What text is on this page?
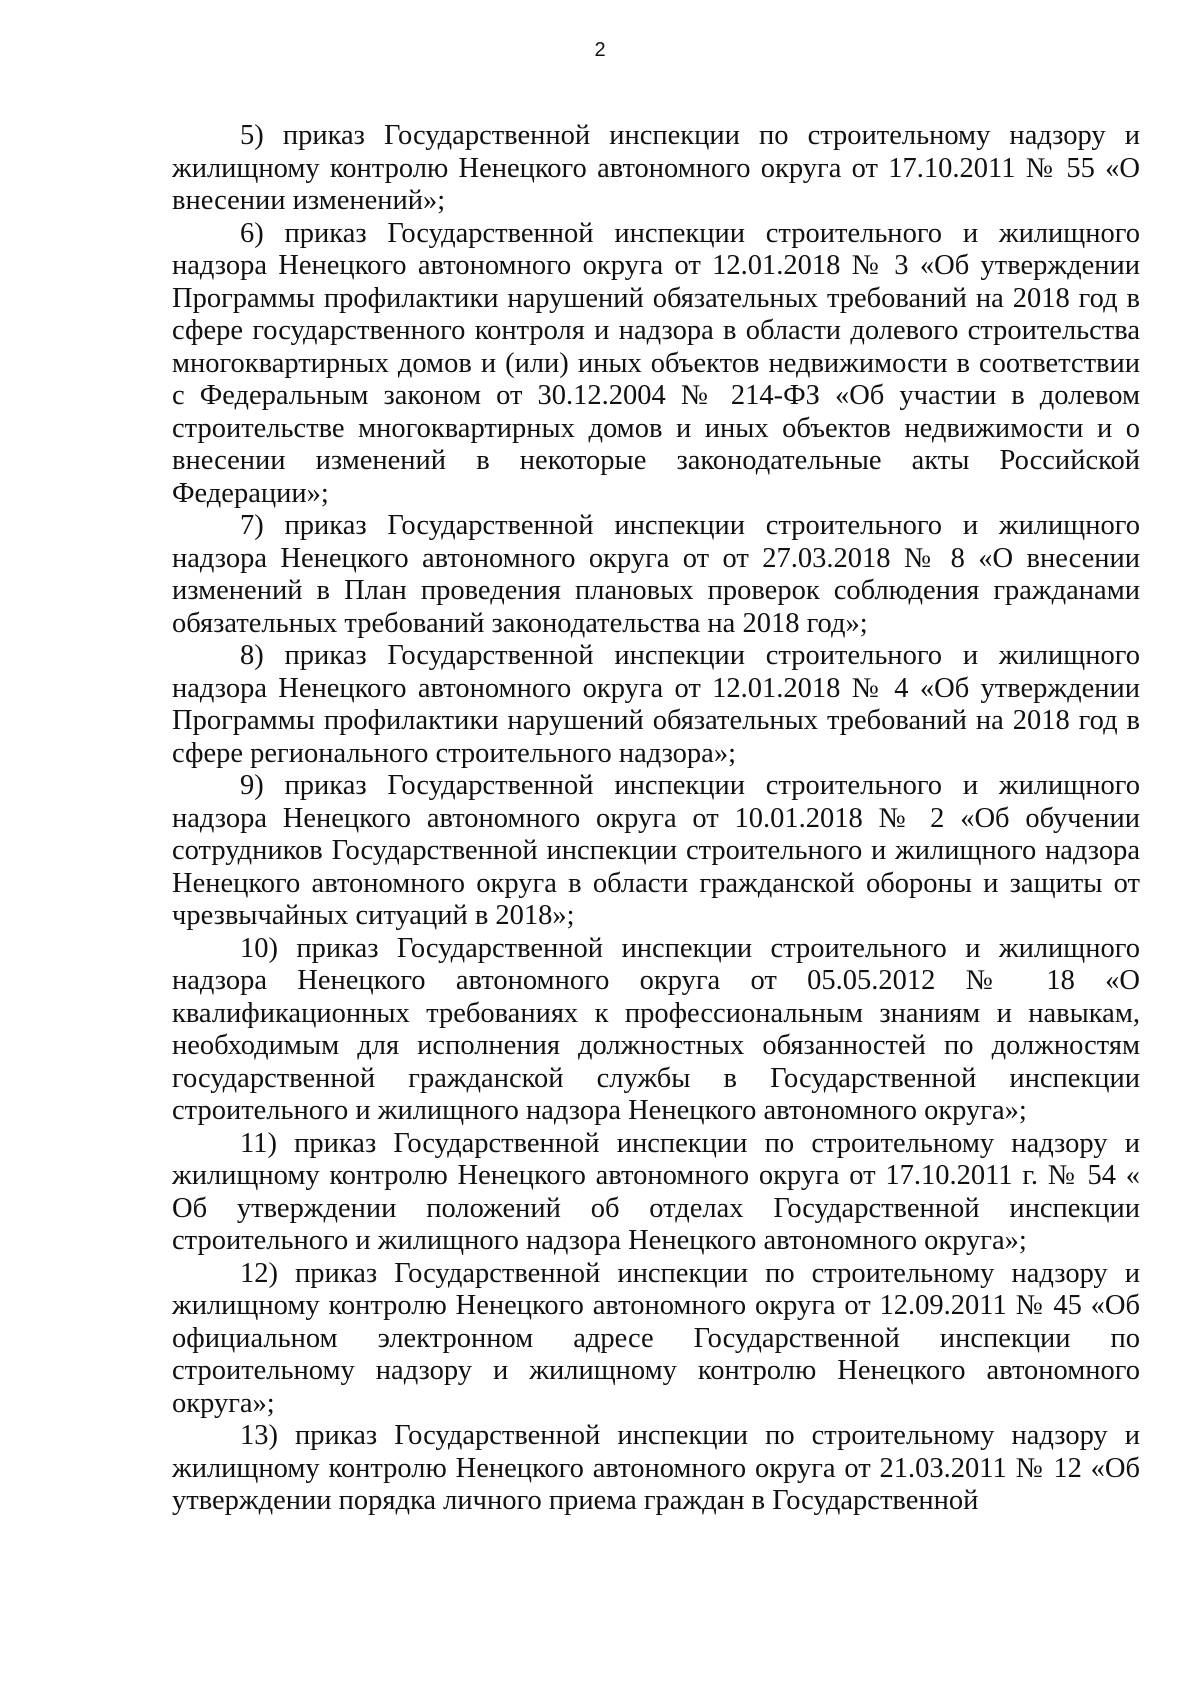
2

5) приказ Государственной инспекции по строительному надзору и жилищному контролю Ненецкого автономного округа от 17.10.2011 № 55 «О внесении изменений»;

6) приказ Государственной инспекции строительного и жилищного надзора Ненецкого автономного округа от 12.01.2018 № 3 «Об утверждении Программы профилактики нарушений обязательных требований на 2018 год в сфере государственного контроля и надзора в области долевого строительства многоквартирных домов и (или) иных объектов недвижимости в соответствии с Федеральным законом от 30.12.2004 № 214-ФЗ «Об участии в долевом строительстве многоквартирных домов и иных объектов недвижимости и о внесении изменений в некоторые законодательные акты Российской Федерации»;

7) приказ Государственной инспекции строительного и жилищного надзора Ненецкого автономного округа от от 27.03.2018 № 8 «О внесении изменений в План проведения плановых проверок соблюдения гражданами обязательных требований законодательства на 2018 год»;

8) приказ Государственной инспекции строительного и жилищного надзора Ненецкого автономного округа от 12.01.2018 № 4 «Об утверждении Программы профилактики нарушений обязательных требований на 2018 год в сфере регионального строительного надзора»;

9) приказ Государственной инспекции строительного и жилищного надзора Ненецкого автономного округа от 10.01.2018 № 2 «Об обучении сотрудников Государственной инспекции строительного и жилищного надзора Ненецкого автономного округа в области гражданской обороны и защиты от чрезвычайных ситуаций в 2018»;

10) приказ Государственной инспекции строительного и жилищного надзора Ненецкого автономного округа от 05.05.2012 № 18 «О квалификационных требованиях к профессиональным знаниям и навыкам, необходимым для исполнения должностных обязанностей по должностям государственной гражданской службы в Государственной инспекции строительного и жилищного надзора Ненецкого автономного округа»;

11) приказ Государственной инспекции по строительному надзору и жилищному контролю Ненецкого автономного округа от 17.10.2011 г. № 54 « Об утверждении положений об отделах Государственной инспекции строительного и жилищного надзора Ненецкого автономного округа»;

12) приказ Государственной инспекции по строительному надзору и жилищному контролю Ненецкого автономного округа от 12.09.2011 № 45 «Об официальном электронном адресе Государственной инспекции по строительному надзору и жилищному контролю Ненецкого автономного округа»;

13) приказ Государственной инспекции по строительному надзору и жилищному контролю Ненецкого автономного округа от 21.03.2011 № 12 «Об утверждении порядка личного приема граждан в Государственной
